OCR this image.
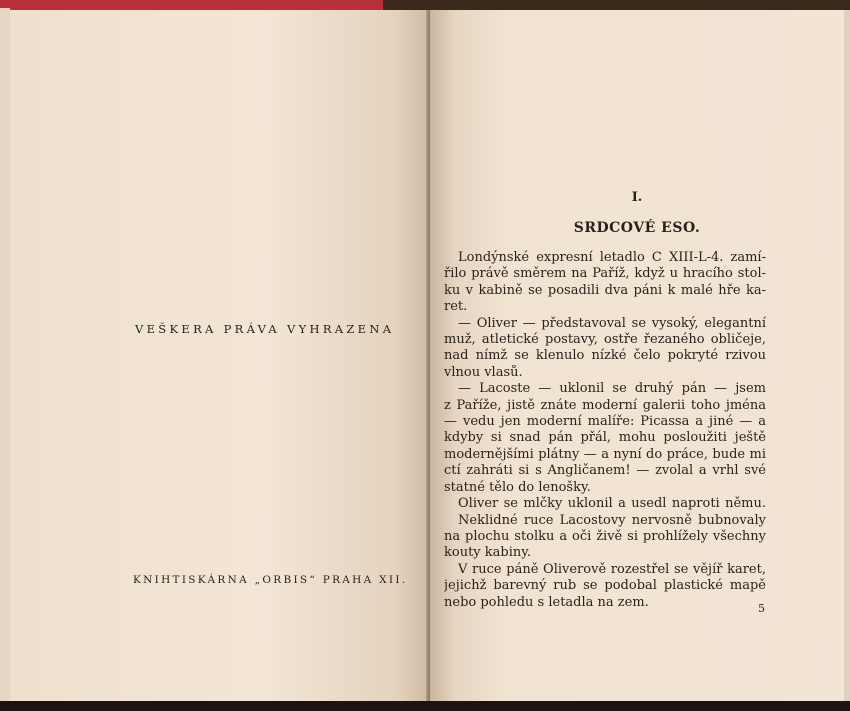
VEŠKERA PRÁVA VYHRAZENA
KNIHTISKÁRNA „ORBIS“ PRAHA XII.
I.
SRDCOVÉ ESO.
Londýnské expresní letadlo C XIII-L-4. zamí-
řilo právě směrem na Paříž, když u hracího stol-
ku v kabině se posadili dva páni k malé hře ka-
ret.
— Oliver — představoval se vysoký, elegantní
muž, atletické postavy, ostře řezaného obličeje,
nad nímž se klenulo nízké čelo pokryté rzivou
vlnou vlasů.
— Lacoste — uklonil se druhý pán — jsem
z Paříže, jistě znáte moderní galerii toho jména
— vedu jen moderní malíře: Picassa a jiné — a
kdyby si snad pán přál, mohu posloužiti ještě
modernějšími plátny — a nyní do práce, bude mi
ctí zahráti si s Angličanem! — zvolal a vrhl své
statné tělo do lenošky.
Oliver se mlčky uklonil a usedl naproti němu.
Neklidné ruce Lacostovy nervosně bubnovaly
na plochu stolku a oči živě si prohlížely všechny
kouty kabiny.
V ruce páně Oliverově rozestřel se vějíř karet,
jejichž barevný rub se podobal plastické mapě
nebo pohledu s letadla na zem.	5
